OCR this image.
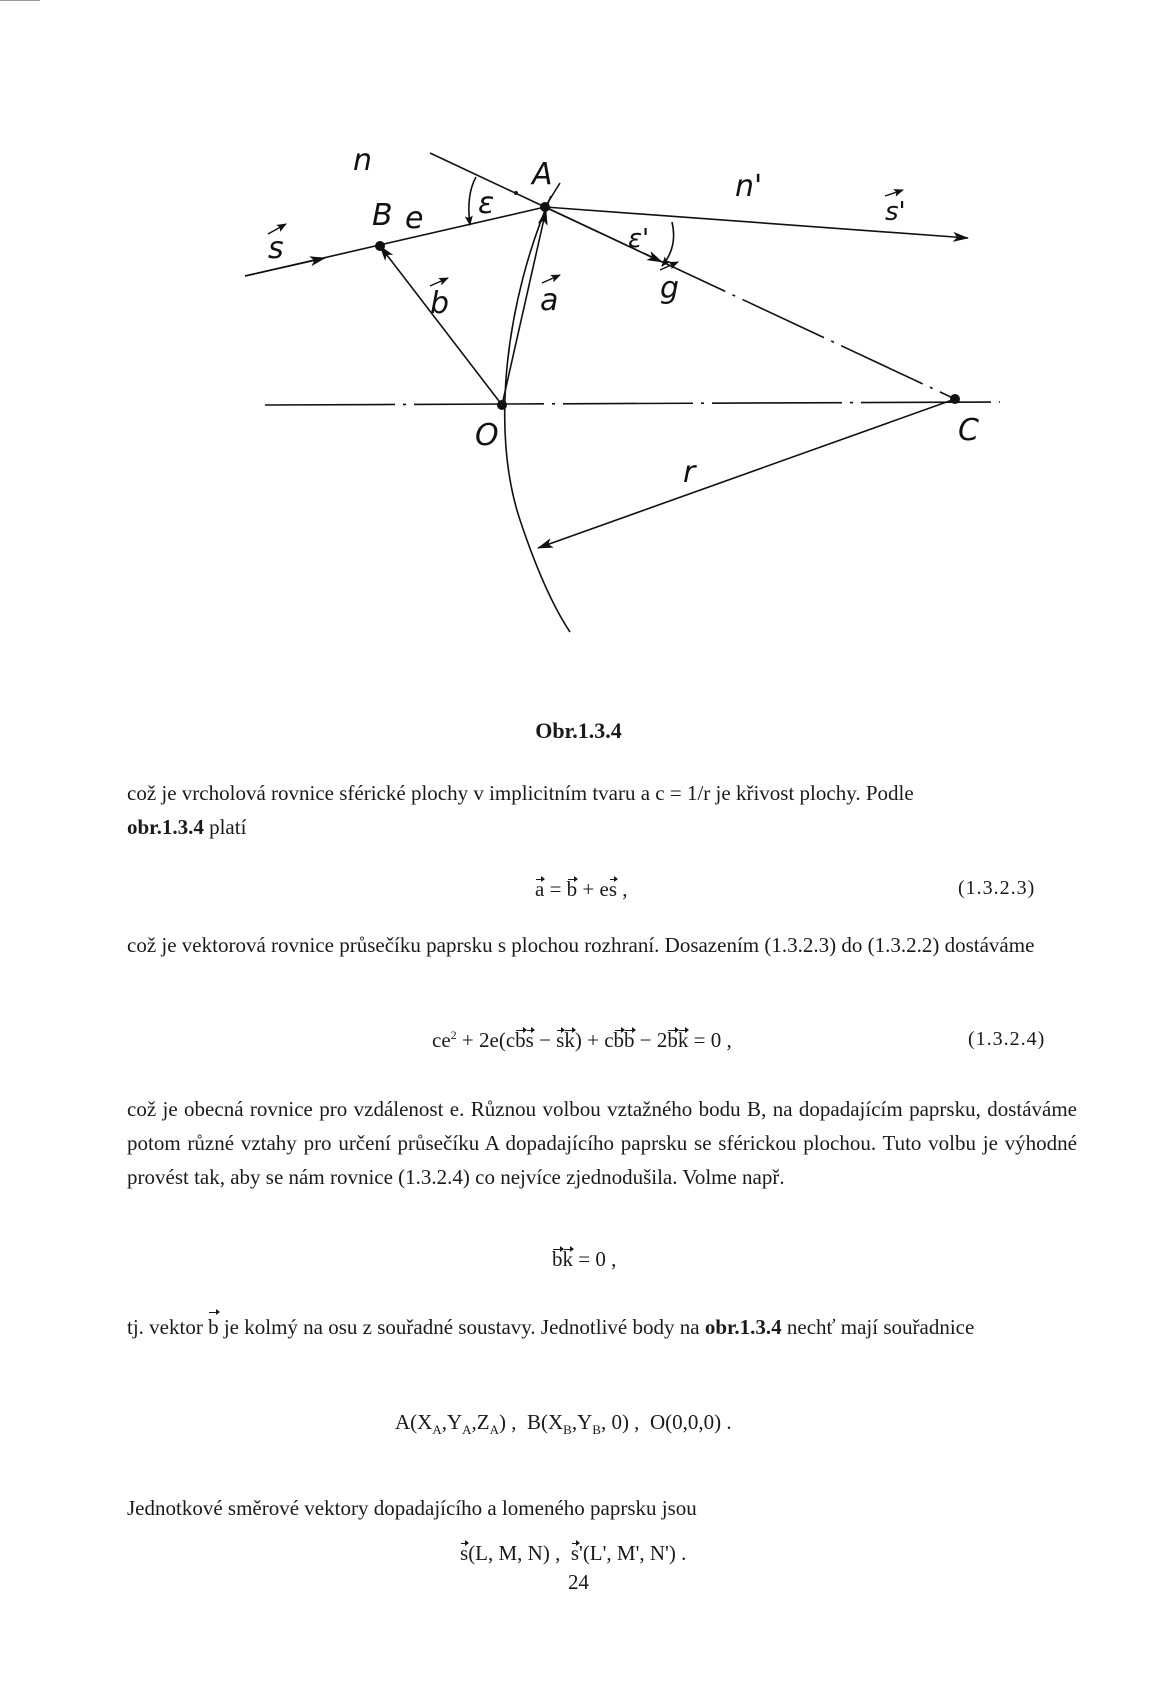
n
n'
B e ε
A
ε'
s
s'
b	a	g
O	C
r
Obr.1.3.4

což je vrcholová rovnice sférické plochy v implicitním tvaru a c = 1/r je křivost plochy. Podle
obr.1.3.4 platí

a = b + es ,	(1.3.2.3)

což je vektorová rovnice průsečíku paprsku s plochou rozhraní. Dosazením (1.3.2.3) do (1.3.2.2) dostáváme

$ce^2 + 2e(cbs - sk)$ + cbb − 2bk = 0 ,	(1.3.2.4)

což je obecná rovnice pro vzdálenost e. Různou volbou vztažného bodu B, na dopadajícím paprsku, dostáváme potom různé vztahy pro určení průsečíku A dopadajícího paprsku se sférickou plochou. Tuto volbu je výhodné provést tak, aby se nám rovnice (1.3.2.4) co nejvíce zjednodušila. Volme např.

bk = 0 ,

tj. vektor b je kolmý na osu z souřadné soustavy. Jednotlivé body na obr.1.3.4 nechť mají souřadnice

$A(X_A,Y_A,Z_A)$ , $B(X_B,Y_B$, 0) , O(0,0,0) .

Jednotkové směrové vektory dopadajícího a lomeného paprsku jsou

s(L, M, N) , s'(L', M', N') .
24
